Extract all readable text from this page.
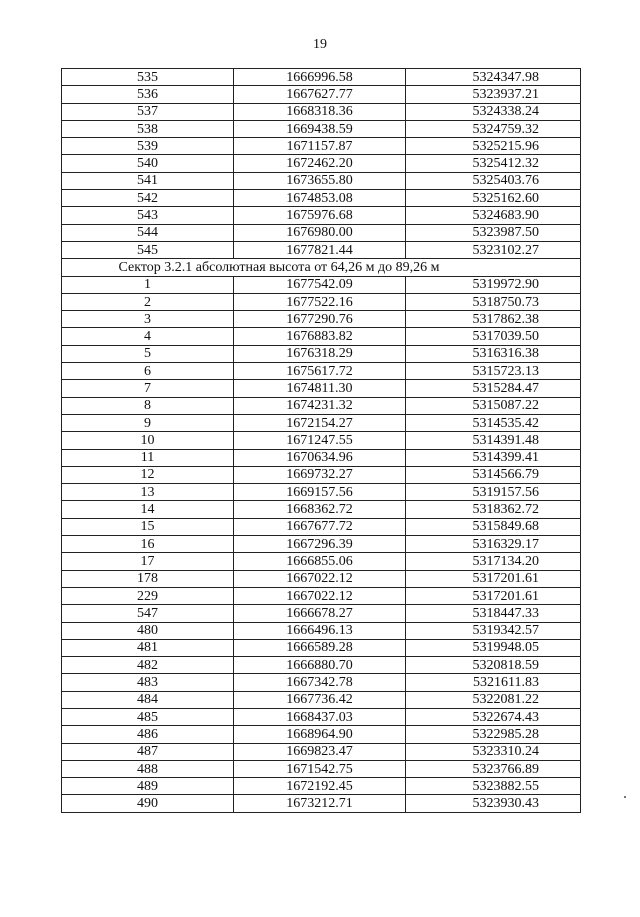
19
535	1666996.58	5324347.98
536	1667627.77	5323937.21
537	1668318.36	5324338.24
538	1669438.59	5324759.32
539	1671157.87	5325215.96
540	1672462.20	5325412.32
541	1673655.80	5325403.76
542	1674853.08	5325162.60
543	1675976.68	5324683.90
544	1676980.00	5323987.50
545	1677821.44	5323102.27
Сектор 3.2.1 абсолютная высота от 64,26 м до 89,26 м		
1	1677542.09	5319972.90
2	1677522.16	5318750.73
3	1677290.76	5317862.38
4	1676883.82	5317039.50
5	1676318.29	5316316.38
6	1675617.72	5315723.13
7	1674811.30	5315284.47
8	1674231.32	5315087.22
9	1672154.27	5314535.42
10	1671247.55	5314391.48
11	1670634.96	5314399.41
12	1669732.27	5314566.79
13	1669157.56	5319157.56
14	1668362.72	5318362.72
15	1667677.72	5315849.68
16	1667296.39	5316329.17
17	1666855.06	5317134.20
178	1667022.12	5317201.61
229	1667022.12	5317201.61
547	1666678.27	5318447.33
480	1666496.13	5319342.57
481	1666589.28	5319948.05
482	1666880.70	5320818.59
483	1667342.78	5321611.83
484	1667736.42	5322081.22
485	1668437.03	5322674.43
486	1668964.90	5322985.28
487	1669823.47	5323310.24
488	1671542.75	5323766.89
489	1672192.45	5323882.55
490	1673212.71	5323930.43
